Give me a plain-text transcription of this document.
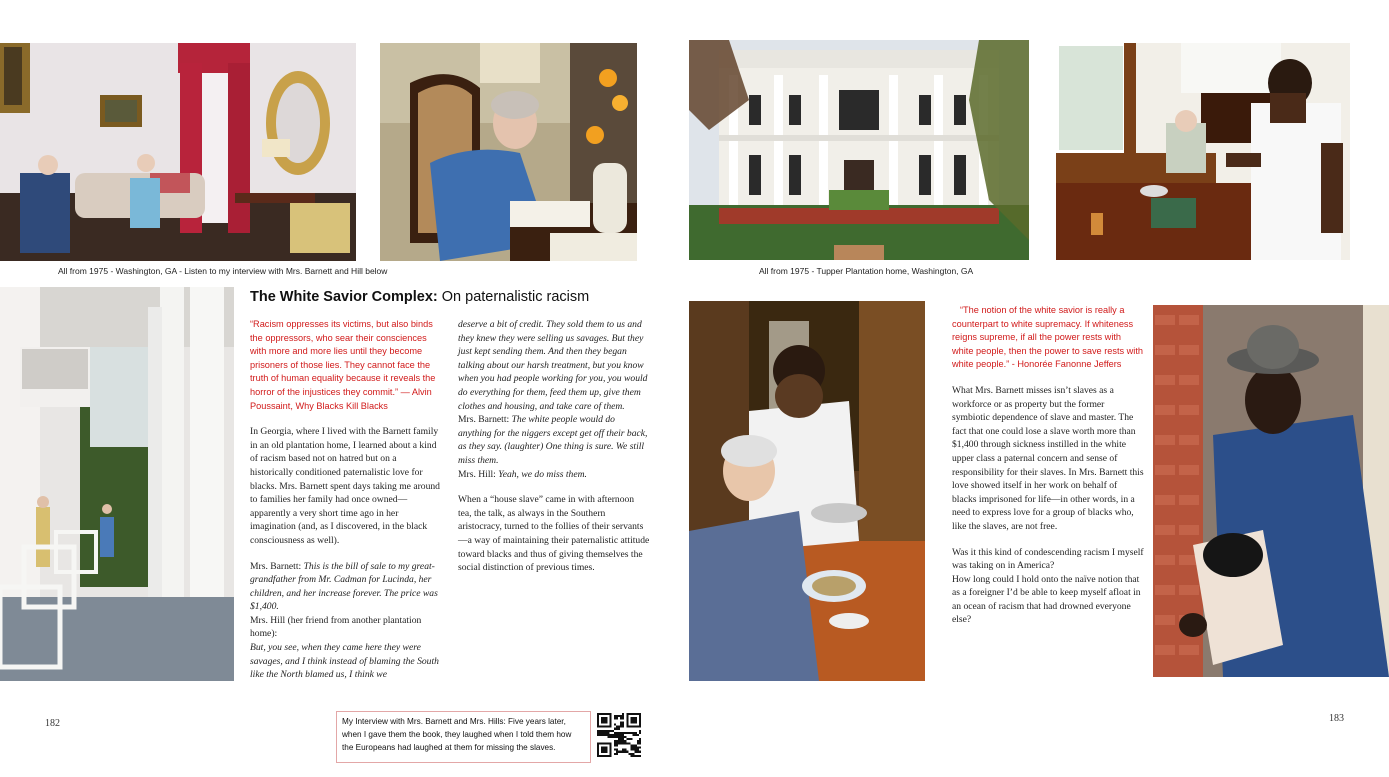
All from 1975 - Washington, GA - Listen to my interview with Mrs. Barnett and Hill below
The White Savior Complex: On paternalistic racism

“Racism oppresses its victims, but also binds the oppressors, who sear their consciences with more and more lies until they become prisoners of those lies. They cannot face the truth of human equality because it reveals the horror of the injustices they commit.” — Alvin Poussaint, Why Blacks Kill Blacks

In Georgia, where I lived with the Barnett family in an old plantation home, I learned about a kind of racism based not on hatred but on a historically conditioned paternalistic love for blacks. Mrs. Barnett spent days taking me around to families her family had once owned—apparently a very short time ago in her imagination (and, as I discovered, in the black consciousness as well).

Mrs. Barnett: This is the bill of sale to my great- grandfather from Mr. Cadman for Lucinda, her children, and her increase forever. The price was $1,400.

Mrs. Hill (her friend from another plantation home):

But, you see, when they came here they were savages, and I think instead of blaming the South like the North blamed us, I think we

deserve a bit of credit. They sold them to us and they knew they were selling us savages. But they just kept sending them. And then they began talking about our harsh treatment, but you know when you had people working for you, you would do everything for them, feed them up, give them clothes and housing, and take care of them.
Mrs. Barnett: The white people would do anything for the niggers except get off their back, as they say. (laughter) One thing is sure. We still miss them.
Mrs. Hill: Yeah, we do miss them.

When a “house slave” came in with afternoon tea, the talk, as always in the Southern aristocracy, turned to the follies of their servants—a way of maintaining their paternalistic attitude toward blacks and thus of giving themselves the social distinction of previous times.

All from 1975 - Tupper Plantation home, Washington, GA

“The notion of the white savior is really a counterpart to white supremacy. If whiteness reigns supreme, if all the power rests with white people, then the power to save rests with white people.” - Honorée Fanonne Jeffers

What Mrs. Barnett misses isn’t slaves as a workforce or as property but the former symbiotic dependence of slave and master. The fact that one could lose a slave worth more than $1,400 through sickness instilled in the white upper class a paternal concern and sense of responsibility for their slaves. In Mrs. Barnett this love showed itself in her work on behalf of blacks imprisoned for life—in other words, in a need to express love for a group of blacks who, like the slaves, are not free.

Was it this kind of condescending racism I myself was taking on in America?

How long could I hold onto the naïve notion that as a foreigner I’d be able to keep myself afloat in an ocean of racism that had drowned everyone else?

182	183
My Interview with Mrs. Barnett and Mrs. Hills: Five years later, when I gave them the book, they laughed when I told them how the Europeans had laughed at them for missing the slaves.
